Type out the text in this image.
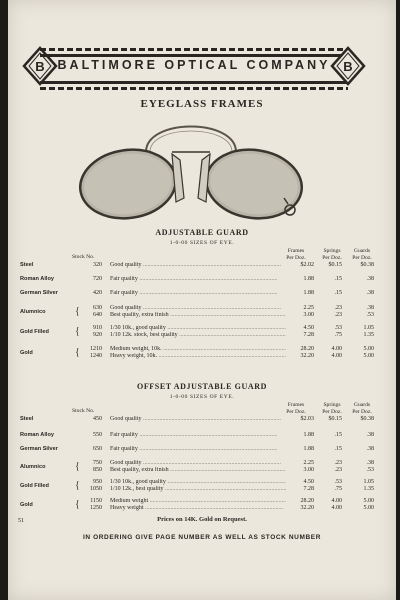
B BALTIMORE OPTICAL COMPANY B
EYEGLASS FRAMES
ADJUSTABLE GUARD
1-0-00 SIZES OF EYE.
Stock No.
Frames
Per Doz.
Springs
Per Doz.
Guards
Per Doz.
Steel	320 Good quality .....	$2.02	$0.15	$0.38
Roman Alloy	720 Fair quality .....	1.88	.15	.38
German Silver	420 Fair quality .....	1.88	.15	.38
Alumnico	{	630 Good quality .....	2.25	.23	.38
640 Best quality, extra finish .....	3.00	.23	.53
Gold Filled	{	910 1/30 10k., good quality .....	4.50	.53	1.05
920 1/10 12k. stock, best quality .....	7.28	.75	1.35
Gold	{	1210 Medium weight, 10k. .....	28.20	4.00	5.00
1240 Heavy weight, 10k. .....	32.20	4.00	5.00
OFFSET ADJUSTABLE GUARD
1-0-00 SIZES OF EYE.
Stock No.
Frames
Per Doz.
Springs
Per Doz.
Guards
Per Doz.
Steel	450 Good quality .....	$2.03	$0.15	$0.38
Roman Alloy	550 Fair quality .....	1.88	.15	.38
German Silver	650 Fair quality .....	1.88	.15	.38
Alumnico	{	750 Good quality .....	2.25	.23	.38
850 Best quality, extra finish .....	3.00	.23	.53
Gold Filled	{	950 1/30 10k., good quality .....	4.50	.53	1.05
1050 1/10 12k., best quality .....	7.28	.75	1.35
Gold	{	1150 Medium weight .....	28.20	4.00	5.00
1250 Heavy weight .....	32.20	4.00	5.00
Prices on 14K. Gold on Request.
51
IN ORDERING GIVE PAGE NUMBER AS WELL AS STOCK NUMBER
